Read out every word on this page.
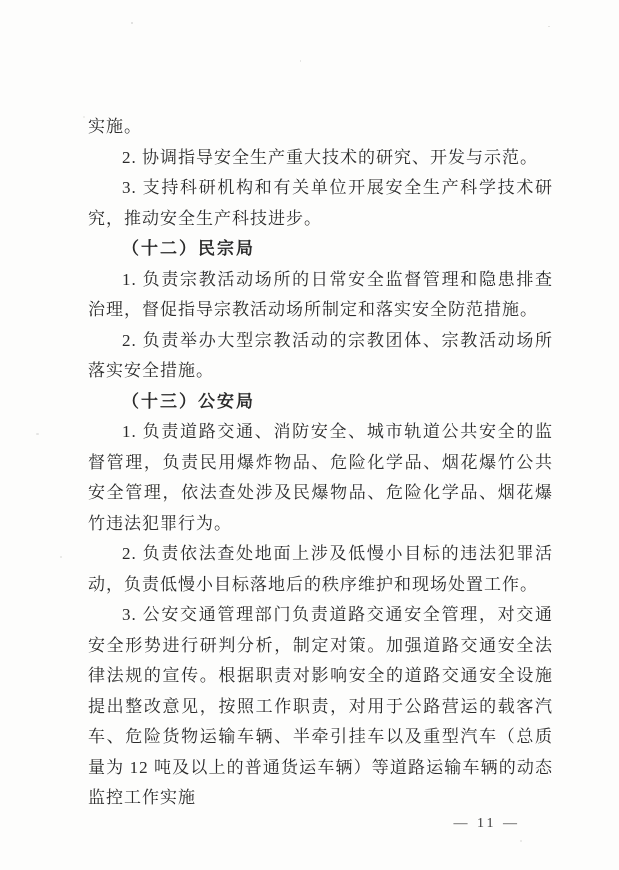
实施。

2. 协调指导安全生产重大技术的研究、开发与示范。

3. 支持科研机构和有关单位开展安全生产科学技术研究，推动安全生产科技进步。

（十二）民宗局

1. 负责宗教活动场所的日常安全监督管理和隐患排查治理，督促指导宗教活动场所制定和落实安全防范措施。

2. 负责举办大型宗教活动的宗教团体、宗教活动场所落实安全措施。

（十三）公安局

1. 负责道路交通、消防安全、城市轨道公共安全的监督管理，负责民用爆炸物品、危险化学品、烟花爆竹公共安全管理，依法查处涉及民爆物品、危险化学品、烟花爆竹违法犯罪行为。

2. 负责依法查处地面上涉及低慢小目标的违法犯罪活动，负责低慢小目标落地后的秩序维护和现场处置工作。

3. 公安交通管理部门负责道路交通安全管理，对交通安全形势进行研判分析，制定对策。加强道路交通安全法律法规的宣传。根据职责对影响安全的道路交通安全设施提出整改意见，按照工作职责，对用于公路营运的载客汽车、危险货物运输车辆、半牵引挂车以及重型汽车（总质量为 12 吨及以上的普通货运车辆）等道路运输车辆的动态监控工作实施

— 11 —
